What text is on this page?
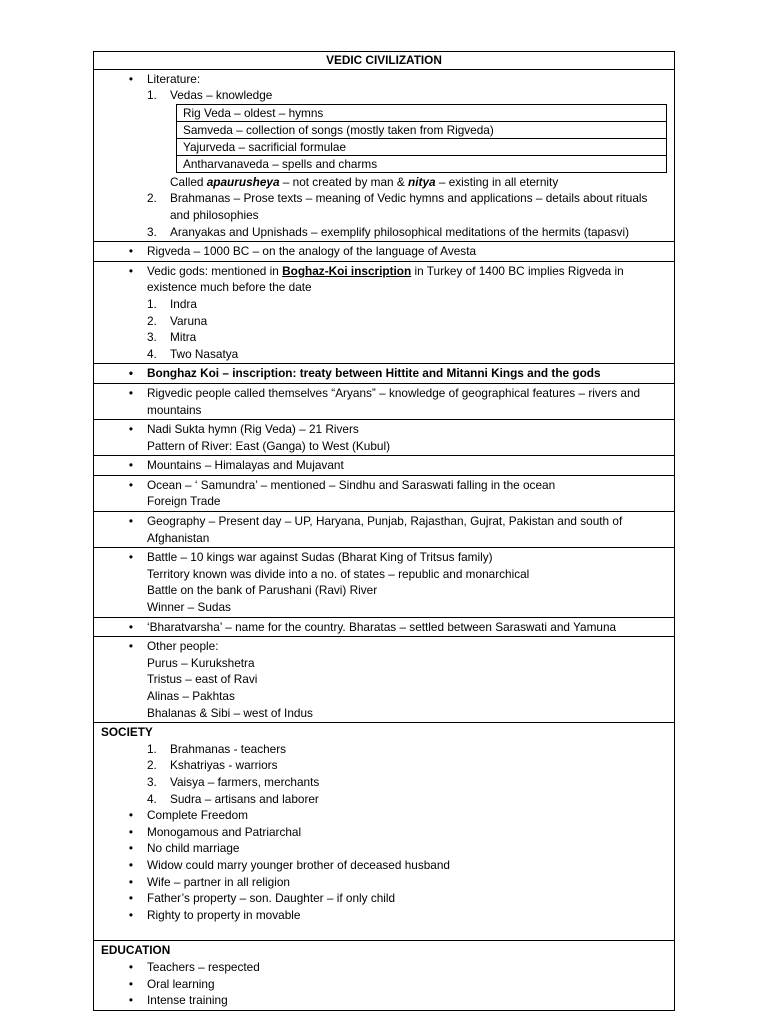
VEDIC CIVILIZATION

•	Literature:
1. Vedas – knowledge
Rig Veda – oldest – hymns
Samveda – collection of songs (mostly taken from Rigveda)
Yajurveda – sacrificial formulae
Antharvanaveda – spells and charms
Called apaurusheya – not created by man & nitya – existing in all eternity
2. Brahmanas – Prose texts – meaning of Vedic hymns and applications – details about rituals and philosophies
3. Aranyakas and Upnishads – exemplify philosophical meditations of the hermits (tapasvi)

•	Rigveda – 1000 BC – on the analogy of the language of Avesta

•	Vedic gods: mentioned in Boghaz-Koi inscription in Turkey of 1400 BC implies Rigveda in existence much before the date
1. Indra
2. Varuna
3. Mitra
4. Two Nasatya

•	Bonghaz Koi – inscription: treaty between Hittite and Mitanni Kings and the gods

•	Rigvedic people called themselves “Aryans” – knowledge of geographical features – rivers and mountains

•	Nadi Sukta hymn (Rig Veda) – 21 Rivers
Pattern of River: East (Ganga) to West (Kubul)

•	Mountains – Himalayas and Mujavant

•	Ocean – ‘ Samundra’ – mentioned – Sindhu and Saraswati falling in the ocean
Foreign Trade

•	Geography – Present day – UP, Haryana, Punjab, Rajasthan, Gujrat, Pakistan and south of Afghanistan

•	Battle – 10 kings war against Sudas (Bharat King of Tritsus family)
Territory known was divide into a no. of states – republic and monarchical
Battle on the bank of Parushani (Ravi) River
Winner – Sudas

•	‘Bharatvarsha’ – name for the country. Bharatas – settled between Saraswati and Yamuna

•	Other people:
Purus – Kurukshetra
Tristus – east of Ravi
Alinas – Pakhtas
Bhalanas & Sibi – west of Indus

SOCIETY
1. Brahmanas - teachers
2. Kshatriyas - warriors
3. Vaisya – farmers, merchants
4. Sudra – artisans and laborer
•	Complete Freedom
•	Monogamous and Patriarchal
•	No child marriage
•	Widow could marry younger brother of deceased husband
•	Wife – partner in all religion
•	Father’s property – son. Daughter – if only child
•	Righty to property in movable

EDUCATION
•	Teachers – respected
•	Oral learning
•	Intense training
